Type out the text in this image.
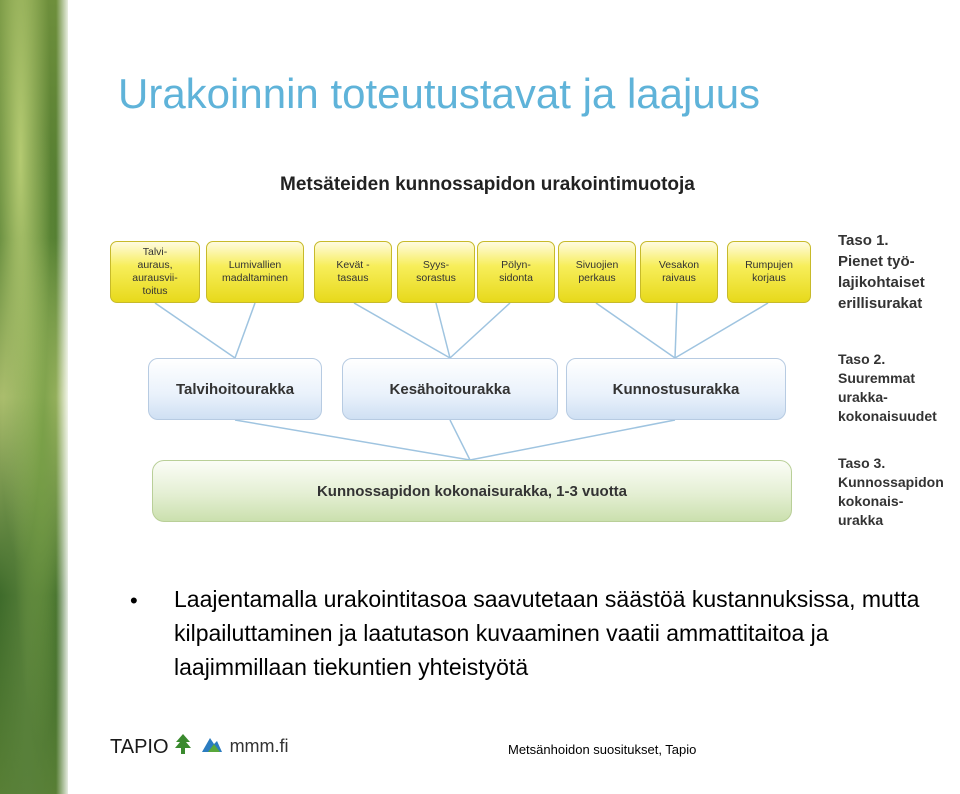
Urakoinnin toteutustavat ja laajuus
Metsäteiden kunnossapidon urakointimuotoja
Talvi-
auraus,
aurausvii-
toitus
Lumivallien
madaltaminen
Kevät -
tasaus
Syys-
sorastus
Pölyn-
sidonta
Sivuojien
perkaus
Vesakon
raivaus
Rumpujen
korjaus
Talvihoitourakka	Kesähoitourakka	Kunnostusurakka
Kunnossapidon kokonaisurakka, 1-3 vuotta
Taso 1.
Pienet työ-
lajikohtaiset
erillisurakat
Taso 2.
Suuremmat
urakka-
kokonaisuudet
Taso 3.
Kunnossapidon
kokonais-
urakka
• Laajentamalla urakointitasoa saavutetaan säästöä kustannuksissa, mutta kilpailuttaminen ja laatutason kuvaaminen vaatii ammattitaitoa ja laajimmillaan tiekuntien yhteistyötä
TAPIO	mmm.fi	Metsänhoidon suositukset, Tapio
